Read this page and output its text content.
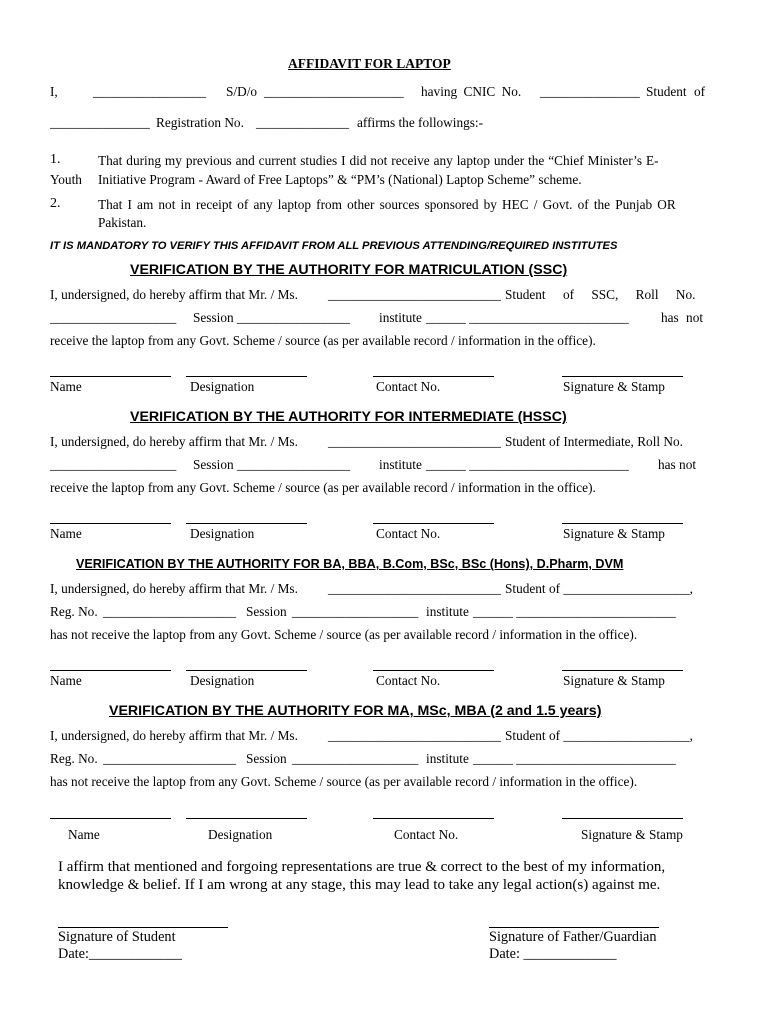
AFFIDAVIT FOR LAPTOP
I,	_________________ S/D/o _____________________ having CNIC No. _______________ Student of
_______________ Registration No. ______________ affirms the followings:-
1.	That during my previous and current studies I did not receive any laptop under the “Chief Minister’s E-
Youth Initiative Program - Award of Free Laptops” & “PM’s (National) Laptop Scheme” scheme.
2.	That I am not in receipt of any laptop from other sources sponsored by HEC / Govt. of the Punjab OR
Pakistan.
IT IS MANDATORY TO VERIFY THIS AFFIDAVIT FROM ALL PREVIOUS ATTENDING/REQUIRED INSTITUTES
VERIFICATION BY THE AUTHORITY FOR MATRICULATION (SSC)
I, undersigned, do hereby affirm that Mr. / Ms. __________________________ Student of SSC, Roll No.
___________________ Session _________________ institute ______ ________________________ has not
receive the laptop from any Govt. Scheme / source (as per available record / information in the office).
Name	Designation	Contact No.	Signature & Stamp
VERIFICATION BY THE AUTHORITY FOR INTERMEDIATE (HSSC)
I, undersigned, do hereby affirm that Mr. / Ms. __________________________ Student of Intermediate, Roll No.
___________________ Session _________________ institute ______ ________________________ has not
receive the laptop from any Govt. Scheme / source (as per available record / information in the office).
Name	Designation	Contact No.	Signature & Stamp
VERIFICATION BY THE AUTHORITY FOR BA, BBA, B.Com, BSc, BSc (Hons), D.Pharm, DVM
I, undersigned, do hereby affirm that Mr. / Ms. __________________________ Student of ___________________,
Reg. No. ____________________ Session ___________________ institute ______ ________________________
has not receive the laptop from any Govt. Scheme / source (as per available record / information in the office).
Name	Designation	Contact No.	Signature & Stamp
VERIFICATION BY THE AUTHORITY FOR MA, MSc, MBA (2 and 1.5 years)
I, undersigned, do hereby affirm that Mr. / Ms. __________________________ Student of ___________________,
Reg. No. ____________________ Session ___________________ institute ______ ________________________
has not receive the laptop from any Govt. Scheme / source (as per available record / information in the office).
Name	Designation	Contact No.	Signature & Stamp
I affirm that mentioned and forgoing representations are true & correct to the best of my information,
knowledge & belief. If I am wrong at any stage, this may lead to take any legal action(s) against me.
Signature of Student
Date:_____________
Signature of Father/Guardian
Date: _____________
